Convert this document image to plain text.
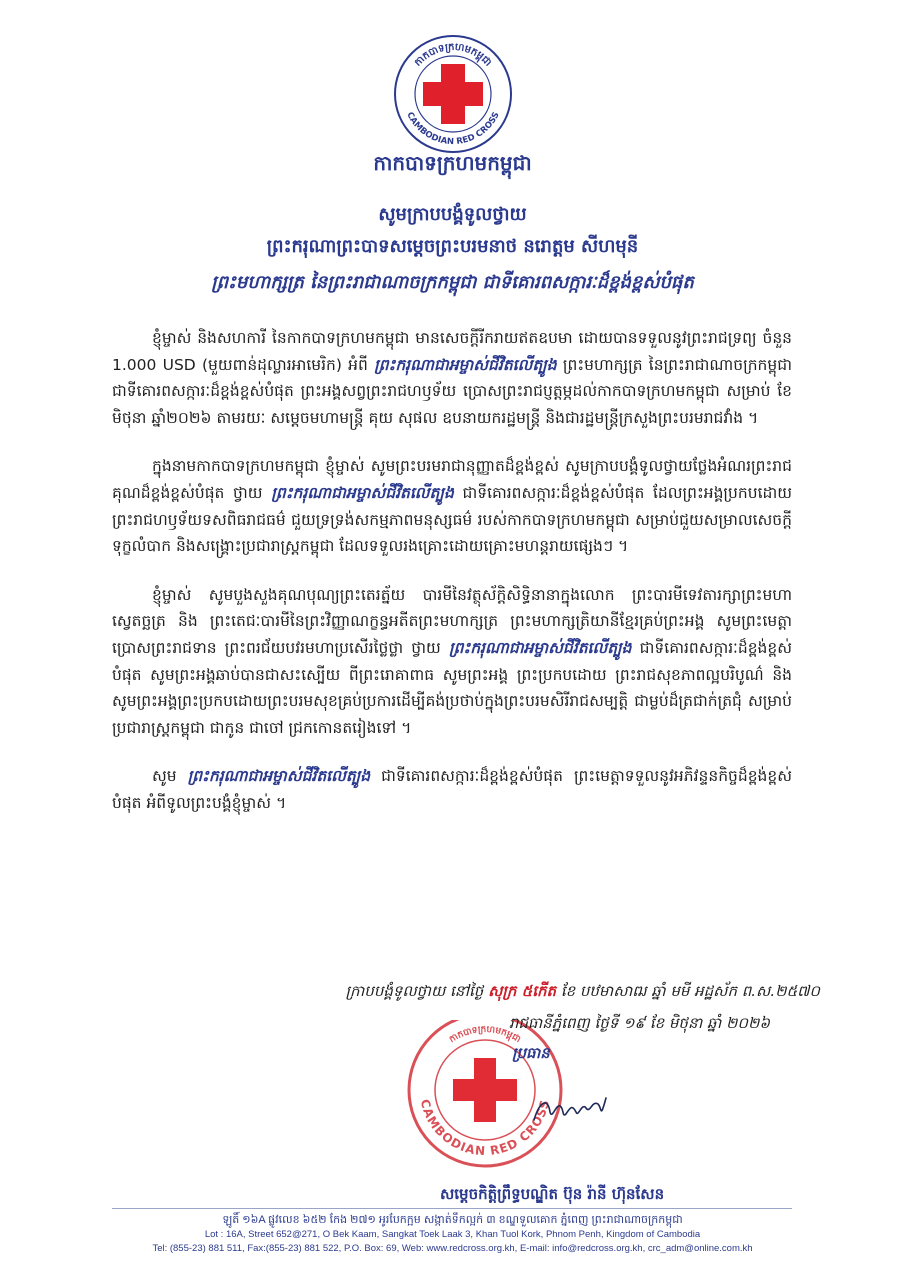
កាកបាទក្រហមកម្ពុជា
CAMBODIAN RED CROSS
កាកបាទក្រហមកម្ពុជា
សូមក្រាបបង្គំទូលថ្វាយ
ព្រះករុណាព្រះបាទសម្ដេចព្រះបរមនាថ នរោត្តម សីហមុនី
ព្រះមហាក្សត្រ នៃព្រះរាជាណាចក្រកម្ពុជា ជាទីគោរពសក្ការៈដ៏ខ្ពង់ខ្ពស់បំផុត

ខ្ញុំម្ចាស់ និងសហការី នៃកាកបាទក្រហមកម្ពុជា មានសេចក្តីរីករាយឥតឧបមា ដោយបានទទួលនូវព្រះរាជទ្រព្យ ចំនួន 1.000 USD (មួយពាន់ដុល្លារអាមេរិក) អំពី ព្រះករុណាជាអម្ចាស់ជីវិតលើត្បូង ព្រះមហាក្សត្រ នៃព្រះរាជាណាចក្រកម្ពុជា ជាទីគោរពសក្ការៈដ៏ខ្ពង់ខ្ពស់បំផុត ព្រះអង្គសព្វព្រះរាជហឫទ័យ ប្រោសព្រះរាជប្ញត្តម្ភដល់កាកបាទក្រហមកម្ពុជា សម្រាប់ ខែ មិថុនា ឆ្នាំ២០២៦ តាមរយៈ សម្តេចមហាមន្ត្រី គុយ សុផល ឧបនាយករដ្ឋមន្ត្រី និងជារដ្ឋមន្ត្រីក្រសួងព្រះបរមរាជវាំង ។

ក្នុងនាមកាកបាទក្រហមកម្ពុជា ខ្ញុំម្ចាស់ សូមព្រះបរមរាជានុញ្ញាតដ៏ខ្ពង់ខ្ពស់ សូមក្រាបបង្គំទូលថ្វាយថ្លែងអំណរព្រះរាជគុណដ៏ខ្ពង់ខ្ពស់បំផុត ថ្វាយ ព្រះករុណាជាអម្ចាស់ជីវិតលើត្បូង ជាទីគោរពសក្ការៈដ៏ខ្ពង់ខ្ពស់បំផុត ដែលព្រះអង្គប្រកបដោយព្រះរាជហឫទ័យទសពិធរាជធម៌ ជួយទ្រទ្រង់សកម្មភាពមនុស្សធម៌ របស់កាកបាទក្រហមកម្ពុជា សម្រាប់ជួយសម្រាលសេចក្តីទុក្ខលំបាក និងសង្គ្រោះប្រជារាស្ត្រកម្ពុជា ដែលទទួលរងគ្រោះដោយគ្រោះមហន្តរាយផ្សេងៗ ។

ខ្ញុំម្ចាស់ សូមបួងសួងគុណបុណ្យព្រះតេរត្ន័យ បារមីនៃវត្ថុស័ក្តិសិទ្ធិនានាក្នុងលោក ព្រះបារមីទេវតារក្សាព្រះមហាស្វេតច្ឆត្រ និង ព្រះតេជៈបារមីនៃព្រះវិញ្ញាណក្ខន្ធអតីតព្រះមហាក្សត្រ ព្រះមហាក្សត្រិយានីខ្មែរគ្រប់ព្រះអង្គ សូមព្រះមេត្តាប្រោសព្រះរាជទាន ព្រះពរជ័យបវរមហាប្រសើរថ្លៃថ្លា ថ្វាយ ព្រះករុណាជាអម្ចាស់ជីវិតលើត្បូង ជាទីគោរពសក្ការៈដ៏ខ្ពង់ខ្ពស់បំផុត សូមព្រះអង្គឆាប់បានជាសះស្បើយ ពីព្រះរោគាពាធ សូមព្រះអង្គ ព្រះប្រកបដោយ ព្រះរាជសុខភាពល្អបរិបូណ៌ និង សូមព្រះអង្គព្រះប្រកបដោយព្រះបរមសុខគ្រប់ប្រការដើម្បីគង់ប្រថាប់ក្នុងព្រះបរមសិរីរាជសម្បត្តិ ជាម្លប់ដ៏ត្រជាក់ត្រជុំ សម្រាប់ប្រជារាស្ត្រកម្ពុជា ជាកូន ជាចៅ ជ្រកកោនតរៀងទៅ ។

សូម ព្រះករុណាជាអម្ចាស់ជីវិតលើត្បូង ជាទីគោរពសក្ការៈដ៏ខ្ពង់ខ្ពស់បំផុត ព្រះមេត្តាទទួលនូវអភិវន្ទនកិច្ចដ៏ខ្ពង់ខ្ពស់បំផុត អំពីទូលព្រះបង្គំខ្ញុំម្ចាស់ ។

ក្រាបបង្គំទូលថ្វាយ នៅថ្ងៃ សុក្រ ៥កើត ខែ បឋមាសាឍ ឆ្នាំ មមី អដ្ឋស័ក ព.ស.២៥៧០
កាកបាទក្រហមកម្ពុជា
CAMBODIAN RED CROSS
រាជធានីភ្នំពេញ ថ្ងៃទី ១៩ ខែ មិថុនា ឆ្នាំ ២០២៦
ប្រធាន
សម្តេចកិត្តិព្រឹទ្ធបណ្ឌិត ប៊ុន រ៉ានី ហ៊ុនសែន
ឡូតិ៍ ១៦A ផ្លូវលេខ ៦៥២ កែង ២៧១ អូរបែកក្អម សង្កាត់ទឹកល្អក់ ៣ ខណ្ឌទួលគោក ភ្នំពេញ ព្រះរាជាណាចក្រកម្ពុជា
Lot : 16A, Street 652@271, O Bek Kaam, Sangkat Toek Laak 3, Khan Tuol Kork, Phnom Penh, Kingdom of Cambodia
Tel: (855-23) 881 511, Fax:(855-23) 881 522, P.O. Box: 69, Web: www.redcross.org.kh, E-mail: info@redcross.org.kh, crc_adm@online.com.kh
